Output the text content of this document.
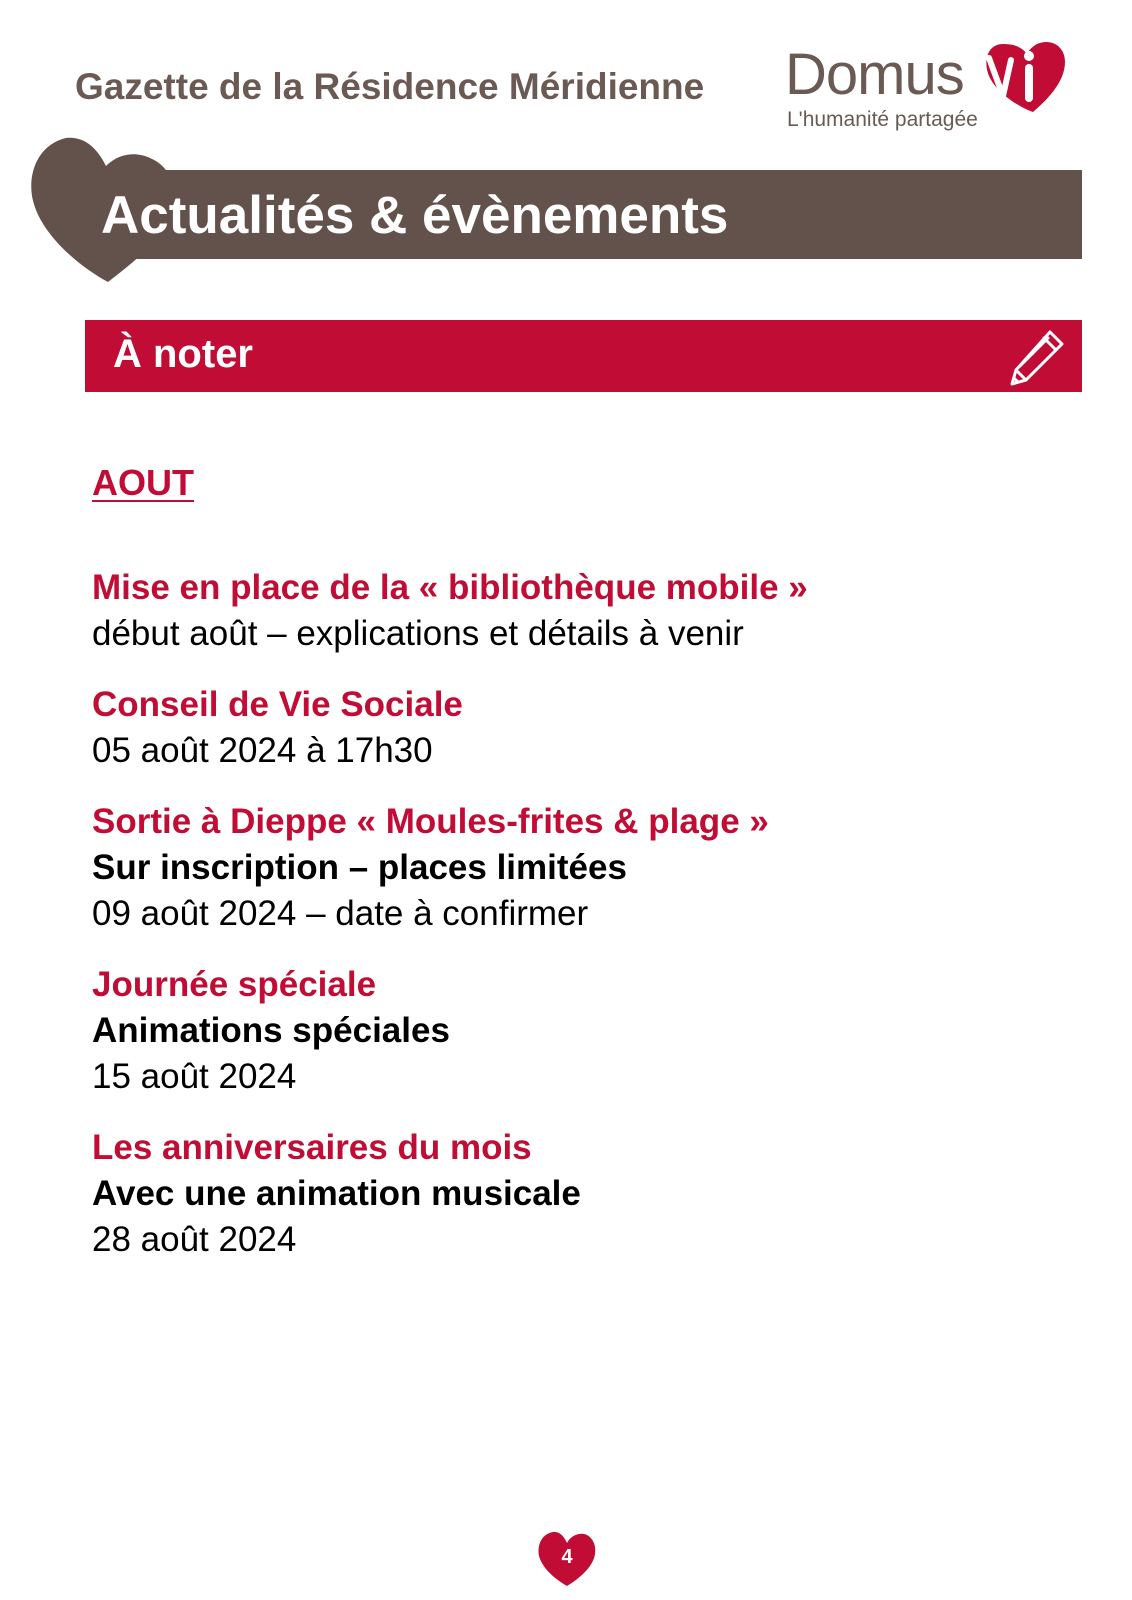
Gazette de la Résidence Méridienne Domus
L'humanité partagée
Actualités & évènements
À noter
AOUT
Mise en place de la « bibliothèque mobile »
début août – explications et détails à venir
Conseil de Vie Sociale
05 août 2024 à 17h30
Sortie à Dieppe « Moules-frites & plage »
Sur inscription – places limitées
09 août 2024 – date à confirmer
Journée spéciale
Animations spéciales
15 août 2024
Les anniversaires du mois
Avec une animation musicale
28 août 2024
4
